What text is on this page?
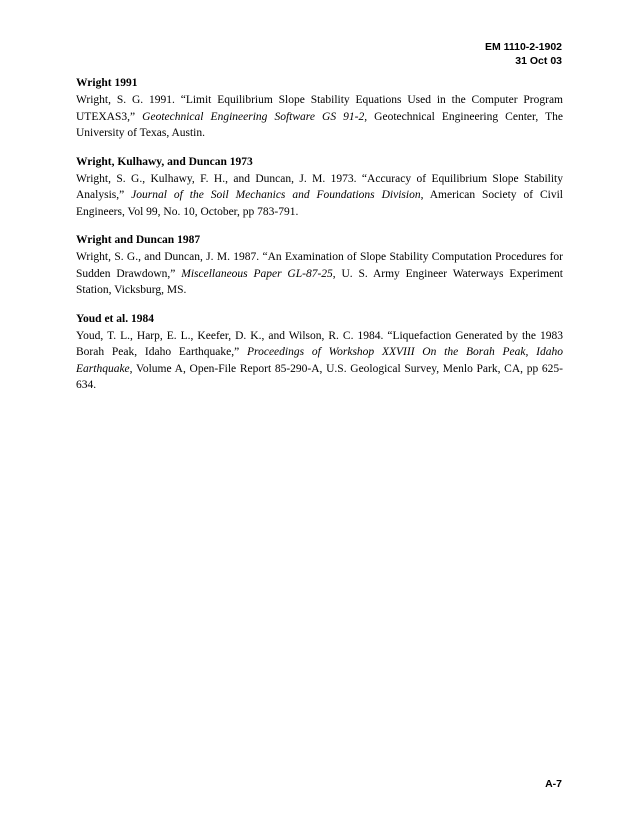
EM 1110-2-1902
31 Oct 03
Wright 1991
Wright, S. G. 1991. “Limit Equilibrium Slope Stability Equations Used in the Computer Program UTEXAS3,” Geotechnical Engineering Software GS 91-2, Geotechnical Engineering Center, The University of Texas, Austin.
Wright, Kulhawy, and Duncan 1973
Wright, S. G., Kulhawy, F. H., and Duncan, J. M. 1973. “Accuracy of Equilibrium Slope Stability Analysis,” Journal of the Soil Mechanics and Foundations Division, American Society of Civil Engineers, Vol 99, No. 10, October, pp 783-791.
Wright and Duncan 1987
Wright, S. G., and Duncan, J. M. 1987. “An Examination of Slope Stability Computation Procedures for Sudden Drawdown,” Miscellaneous Paper GL-87-25, U. S. Army Engineer Waterways Experiment Station, Vicksburg, MS.
Youd et al. 1984
Youd, T. L., Harp, E. L., Keefer, D. K., and Wilson, R. C. 1984. “Liquefaction Generated by the 1983 Borah Peak, Idaho Earthquake,” Proceedings of Workshop XXVIII On the Borah Peak, Idaho Earthquake, Volume A, Open-File Report 85-290-A, U.S. Geological Survey, Menlo Park, CA, pp 625-634.
A-7
